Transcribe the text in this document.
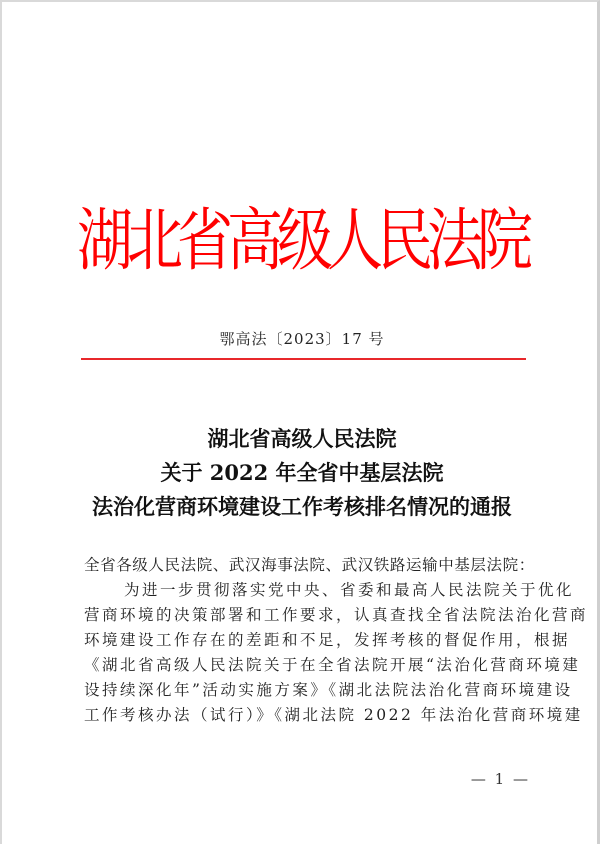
湖北省高级人民法院
鄂高法〔2023〕17 号
湖北省高级人民法院
关于 2022 年全省中基层法院
法治化营商环境建设工作考核排名情况的通报
全省各级人民法院、武汉海事法院、武汉铁路运输中基层法院：
为进一步贯彻落实党中央、省委和最高人民法院关于优化
营商环境的决策部署和工作要求，认真查找全省法院法治化营商
环境建设工作存在的差距和不足，发挥考核的督促作用，根据
《湖北省高级人民法院关于在全省法院开展“法治化营商环境建
设持续深化年”活动实施方案》《湖北法院法治化营商环境建设
工作考核办法（试行）》《湖北法院 2022 年法治化营商环境建
— 1 —
